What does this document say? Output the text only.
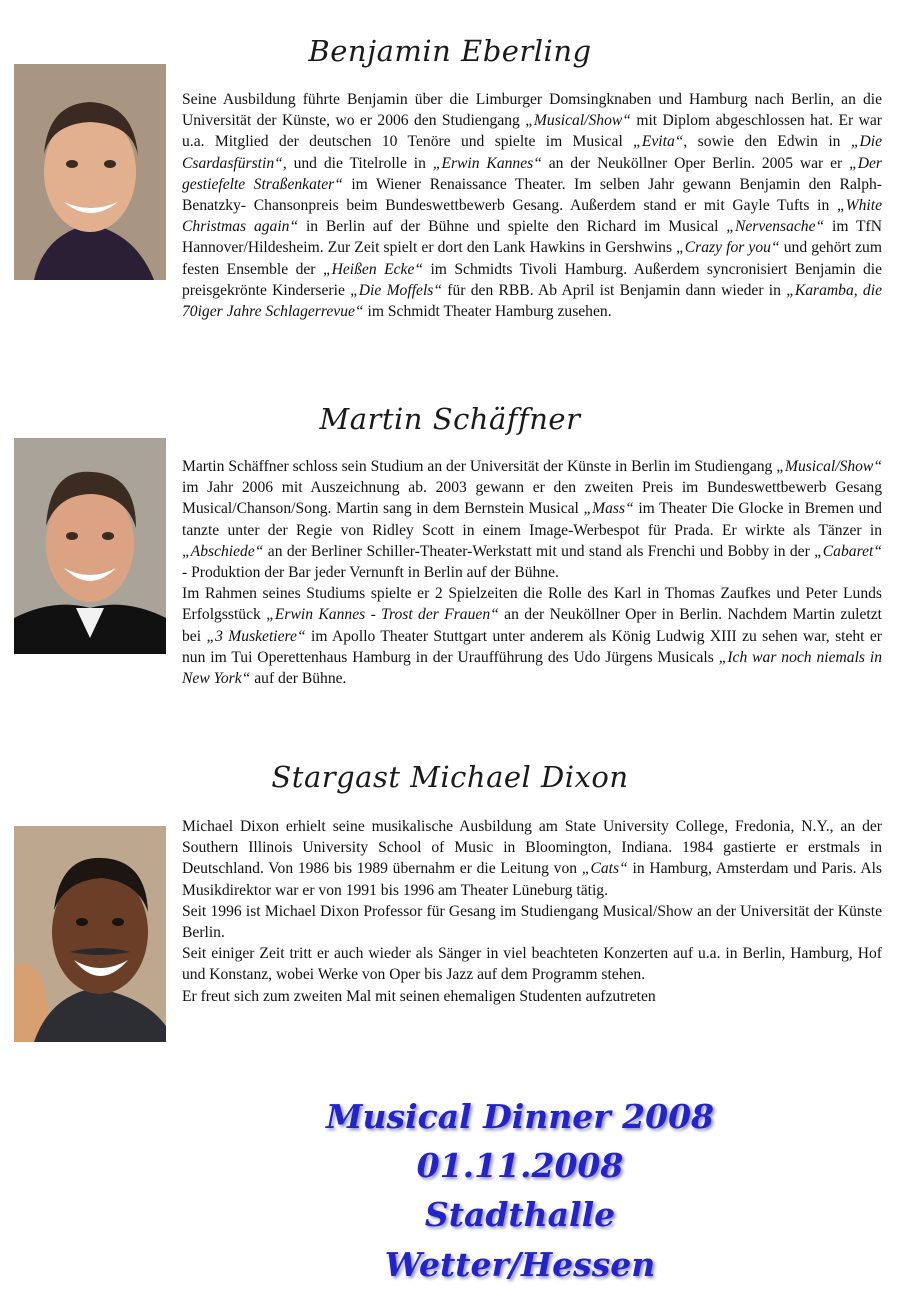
Benjamin Eberling

Seine Ausbildung führte Benjamin über die Limburger Domsingknaben und Hamburg nach Berlin, an die Universität der Künste, wo er 2006 den Studiengang „Musical/Show“ mit Diplom abgeschlossen hat. Er war u.a. Mitglied der deutschen 10 Tenöre und spielte im Musical „Evita“, sowie den Edwin in „Die Csardasfürstin“, und die Titelrolle in „Erwin Kannes“ an der Neuköllner Oper Berlin. 2005 war er „Der gestiefelte Straßenkater“ im Wiener Renaissance Theater. Im selben Jahr gewann Benjamin den Ralph-Benatzky- Chansonpreis beim Bundeswettbewerb Gesang. Außerdem stand er mit Gayle Tufts in „White Christmas again“ in Berlin auf der Bühne und spielte den Richard im Musical „Nervensache“ im TfN Hannover/Hildesheim. Zur Zeit spielt er dort den Lank Hawkins in Gershwins „Crazy for you“ und gehört zum festen Ensemble der „Heißen Ecke“ im Schmidts Tivoli Hamburg. Außerdem syncronisiert Benjamin die preisgekrönte Kinderserie „Die Moffels“ für den RBB. Ab April ist Benjamin dann wieder in „Karamba, die 70iger Jahre Schlagerrevue“ im Schmidt Theater Hamburg zusehen.

Martin Schäffner

Martin Schäffner schloss sein Studium an der Universität der Künste in Berlin im Studiengang „Musical/Show“ im Jahr 2006 mit Auszeichnung ab. 2003 gewann er den zweiten Preis im Bundeswettbewerb Gesang Musical/Chanson/Song. Martin sang in dem Bernstein Musical „Mass“ im Theater Die Glocke in Bremen und tanzte unter der Regie von Ridley Scott in einem Image-Werbespot für Prada. Er wirkte als Tänzer in „Abschiede“ an der Berliner Schiller-Theater-Werkstatt mit und stand als Frenchi und Bobby in der „Cabaret“ - Produktion der Bar jeder Vernunft in Berlin auf der Bühne.

Im Rahmen seines Studiums spielte er 2 Spielzeiten die Rolle des Karl in Thomas Zaufkes und Peter Lunds Erfolgsstück „Erwin Kannes - Trost der Frauen“ an der Neuköllner Oper in Berlin. Nachdem Martin zuletzt bei „3 Musketiere“ im Apollo Theater Stuttgart unter anderem als König Ludwig XIII zu sehen war, steht er nun im Tui Operettenhaus Hamburg in der Uraufführung des Udo Jürgens Musicals „Ich war noch niemals in New York“ auf der Bühne.

Stargast Michael Dixon

Michael Dixon erhielt seine musikalische Ausbildung am State University College, Fredonia, N.Y., an der Southern Illinois University School of Music in Bloomington, Indiana. 1984 gastierte er erstmals in Deutschland. Von 1986 bis 1989 übernahm er die Leitung von „Cats“ in Hamburg, Amsterdam und Paris. Als Musikdirektor war er von 1991 bis 1996 am Theater Lüneburg tätig.

Seit 1996 ist Michael Dixon Professor für Gesang im Studiengang Musical/Show an der Universität der Künste Berlin.

Seit einiger Zeit tritt er auch wieder als Sänger in viel beachteten Konzerten auf u.a. in Berlin, Hamburg, Hof und Konstanz, wobei Werke von Oper bis Jazz auf dem Programm stehen.

Er freut sich zum zweiten Mal mit seinen ehemaligen Studenten aufzutreten

Musical Dinner 2008
01.11.2008
Stadthalle Wetter/Hessen
